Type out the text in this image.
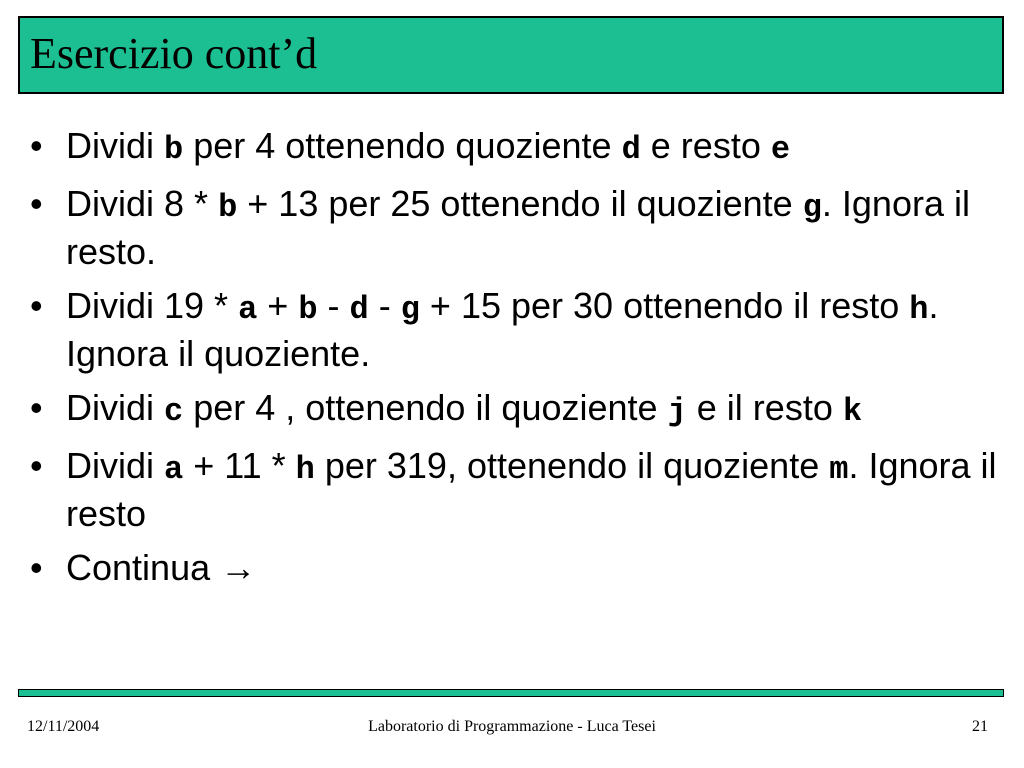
Esercizio cont’d
• Dividi b per 4 ottenendo quoziente d e resto e
• Dividi 8 * b + 13 per 25 ottenendo il quoziente g. Ignora il resto.
• Dividi 19 * a + b - d - g + 15 per 30 ottenendo il resto h. Ignora il quoziente.
• Dividi c per 4 , ottenendo il quoziente j e il resto k
• Dividi a + 11 * h per 319, ottenendo il quoziente m. Ignora il resto
• Continua →
12/11/2004	Laboratorio di Programmazione - Luca Tesei	21
